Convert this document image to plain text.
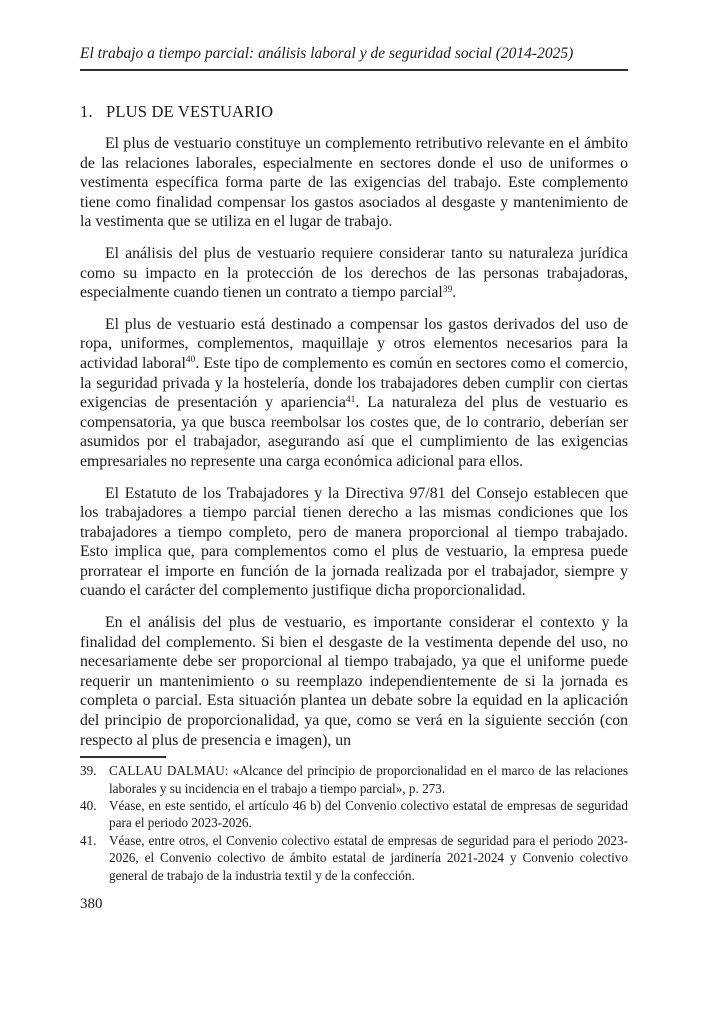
El trabajo a tiempo parcial: análisis laboral y de seguridad social (2014-2025)
1. PLUS DE VESTUARIO

El plus de vestuario constituye un complemento retributivo relevante en el ámbito de las relaciones laborales, especialmente en sectores donde el uso de uniformes o vestimenta específica forma parte de las exigencias del trabajo. Este complemento tiene como finalidad compensar los gastos asociados al desgaste y mantenimiento de la vestimenta que se utiliza en el lugar de trabajo.

El análisis del plus de vestuario requiere considerar tanto su naturaleza jurídica como su impacto en la protección de los derechos de las personas trabajadoras, especialmente cuando tienen un contrato a tiempo parcial$^{39}$.

El plus de vestuario está destinado a compensar los gastos derivados del uso de ropa, uniformes, complementos, maquillaje y otros elementos necesarios para la actividad laboral$^{40}$. Este tipo de complemento es común en sectores como el comercio, la seguridad privada y la hostelería, donde los trabajadores deben cumplir con ciertas exigencias de presentación y apariencia$^{41}$. La naturaleza del plus de vestuario es compensatoria, ya que busca reembolsar los costes que, de lo contrario, deberían ser asumidos por el trabajador, asegurando así que el cumplimiento de las exigencias empresariales no represente una carga económica adicional para ellos.

El Estatuto de los Trabajadores y la Directiva 97/81 del Consejo establecen que los trabajadores a tiempo parcial tienen derecho a las mismas condiciones que los trabajadores a tiempo completo, pero de manera proporcional al tiempo trabajado. Esto implica que, para complementos como el plus de vestuario, la empresa puede prorratear el importe en función de la jornada realizada por el trabajador, siempre y cuando el carácter del complemento justifique dicha proporcionalidad.

En el análisis del plus de vestuario, es importante considerar el contexto y la finalidad del complemento. Si bien el desgaste de la vestimenta depende del uso, no necesariamente debe ser proporcional al tiempo trabajado, ya que el uniforme puede requerir un mantenimiento o su reemplazo independientemente de si la jornada es completa o parcial. Esta situación plantea un debate sobre la equidad en la aplicación del principio de proporcionalidad, ya que, como se verá en la siguiente sección (con respecto al plus de presencia e imagen), un

39. CALLAU DALMAU: «Alcance del principio de proporcionalidad en el marco de las relaciones laborales y su incidencia en el trabajo a tiempo parcial», p. 273.
40. Véase, en este sentido, el artículo 46 b) del Convenio colectivo estatal de empresas de seguridad para el periodo 2023-2026.
41. Véase, entre otros, el Convenio colectivo estatal de empresas de seguridad para el periodo 2023-2026, el Convenio colectivo de ámbito estatal de jardinería 2021-2024 y Convenio colectivo general de trabajo de la industria textil y de la confección.
380
